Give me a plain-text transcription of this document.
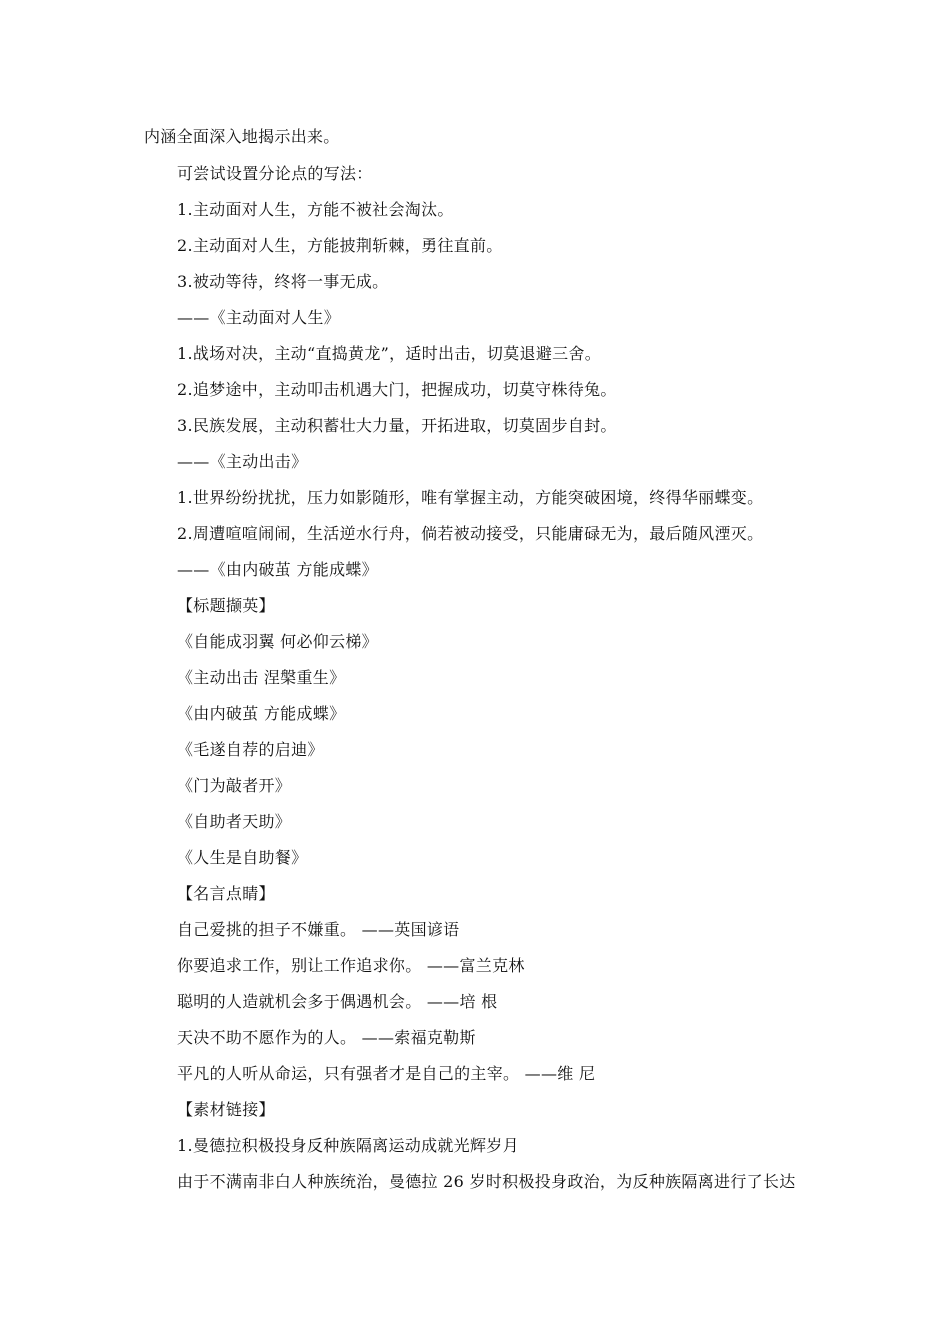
内涵全面深入地揭示出来。
可尝试设置分论点的写法：
1.主动面对人生，方能不被社会淘汰。
2.主动面对人生，方能披荆斩棘，勇往直前。
3.被动等待，终将一事无成。
——《主动面对人生》
1.战场对决，主动“直捣黄龙”，适时出击，切莫退避三舍。
2.追梦途中，主动叩击机遇大门，把握成功，切莫守株待兔。
3.民族发展，主动积蓄壮大力量，开拓进取，切莫固步自封。
——《主动出击》
1.世界纷纷扰扰，压力如影随形，唯有掌握主动，方能突破困境，终得华丽蝶变。
2.周遭喧喧闹闹，生活逆水行舟，倘若被动接受，只能庸碌无为，最后随风湮灭。
——《由内破茧 方能成蝶》
【标题撷英】
《自能成羽翼 何必仰云梯》
《主动出击 涅槃重生》
《由内破茧 方能成蝶》
《毛遂自荐的启迪》
《门为敲者开》
《自助者天助》
《人生是自助餐》
【名言点睛】
自己爱挑的担子不嫌重。 ——英国谚语
你要追求工作，别让工作追求你。 ——富兰克林
聪明的人造就机会多于偶遇机会。 ——培 根
天决不助不愿作为的人。 ——索福克勒斯
平凡的人听从命运，只有强者才是自己的主宰。 ——维 尼
【素材链接】
1.曼德拉积极投身反种族隔离运动成就光辉岁月
由于不满南非白人种族统治，曼德拉 26 岁时积极投身政治，为反种族隔离进行了长达
